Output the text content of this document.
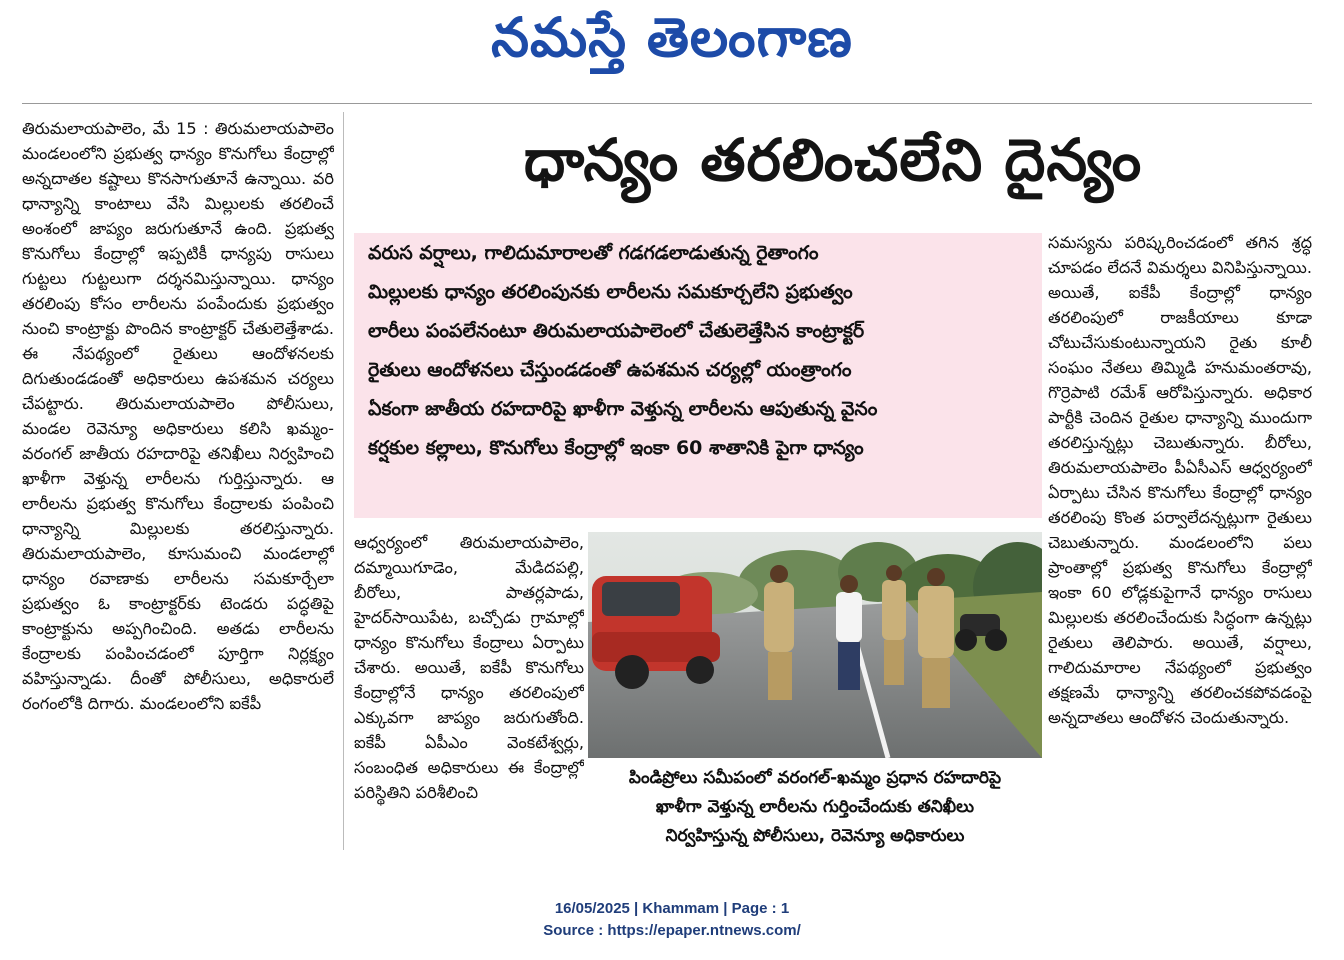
నమస్తే తెలంగాణ

తిరుమలాయపాలెం, మే 15 : తిరుమలాయపాలెం మండలంలోని ప్రభుత్వ ధాన్యం కొనుగోలు కేంద్రాల్లో అన్నదాతల కష్టాలు కొనసాగుతూనే ఉన్నాయి. వరి ధాన్యాన్ని కాంటాలు వేసి మిల్లులకు తరలించే అంశంలో జాప్యం జరుగుతూనే ఉంది. ప్రభుత్వ కొనుగోలు కేంద్రాల్లో ఇప్పటికీ ధాన్యపు రాసులు గుట్టలు గుట్టలుగా దర్శనమిస్తున్నాయి. ధాన్యం తరలింపు కోసం లారీలను పంపేందుకు ప్రభుత్వం నుంచి కాంట్రాక్టు పొందిన కాంట్రాక్టర్ చేతులెత్తేశాడు. ఈ నేపథ్యంలో రైతులు ఆందోళనలకు దిగుతుండడంతో అధికారులు ఉపశమన చర్యలు చేపట్టారు. తిరుమలాయపాలెం పోలీసులు, మండల రెవెన్యూ అధికారులు కలిసి ఖమ్మం-వరంగల్ జాతీయ రహదారిపై తనిఖీలు నిర్వహించి ఖాళీగా వెళ్తున్న లారీలను గుర్తిస్తున్నారు. ఆ లారీలను ప్రభుత్వ కొనుగోలు కేంద్రాలకు పంపించి ధాన్యాన్ని మిల్లులకు తరలిస్తున్నారు. తిరుమలాయపాలెం, కూసుమంచి మండలాల్లో ధాన్యం రవాణాకు లారీలను సమకూర్చేలా ప్రభుత్వం ఓ కాంట్రాక్టర్‌కు టెండరు పద్ధతిపై కాంట్రాక్టును అప్పగించింది. అతడు లారీలను కేంద్రాలకు పంపించడంలో పూర్తిగా నిర్లక్ష్యం వహిస్తున్నాడు. దీంతో పోలీసులు, అధికారులే రంగంలోకి దిగారు. మండలంలోని ఐకేపీ

ధాన్యం తరలించలేని దైన్యం
వరుస వర్షాలు, గాలిదుమారాలతో గడగడలాడుతున్న రైతాంగం
మిల్లులకు ధాన్యం తరలింపునకు లారీలను సమకూర్చలేని ప్రభుత్వం
లారీలు పంపలేనంటూ తిరుమలాయపాలెంలో చేతులెత్తేసిన కాంట్రాక్టర్
రైతులు ఆందోళనలు చేస్తుండడంతో ఉపశమన చర్యల్లో యంత్రాంగం
ఏకంగా జాతీయ రహదారిపై ఖాళీగా వెళ్తున్న లారీలను ఆపుతున్న వైనం
కర్షకుల కల్లాలు, కొనుగోలు కేంద్రాల్లో ఇంకా 60 శాతానికి పైగా ధాన్యం

ఆధ్వర్యంలో తిరుమలాయపాలెం, దమ్మాయిగూడెం, మేడిదపల్లి, బీరోలు, పాతర్లపాడు, హైదర్‌సాయిపేట, బచ్చోడు గ్రామాల్లో ధాన్యం కొనుగోలు కేంద్రాలు ఏర్పాటు చేశారు. అయితే, ఐకేపీ కొనుగోలు కేంద్రాల్లోనే ధాన్యం తరలింపులో ఎక్కువగా జాప్యం జరుగుతోంది. ఐకేపీ ఏపీఎం వెంకటేశ్వర్లు, సంబంధిత అధికారులు ఈ కేంద్రాల్లో పరిస్థితిని పరిశీలించి

పిండిప్రోలు సమీపంలో వరంగల్-ఖమ్మం ప్రధాన రహదారిపై

ఖాళీగా వెళ్తున్న లారీలను గుర్తించేందుకు తనిఖీలు

నిర్వహిస్తున్న పోలీసులు, రెవెన్యూ అధికారులు

సమస్యను పరిష్కరించడంలో తగిన శ్రద్ధ చూపడం లేదనే విమర్శలు వినిపిస్తున్నాయి. అయితే, ఐకేపీ కేంద్రాల్లో ధాన్యం తరలింపులో రాజకీయాలు కూడా చోటుచేసుకుంటున్నాయని రైతు కూలీ సంఘం నేతలు తిమ్మిడి హనుమంతరావు, గొర్రెపాటి రమేశ్ ఆరోపిస్తున్నారు. అధికార పార్టీకి చెందిన రైతుల ధాన్యాన్ని ముందుగా తరలిస్తున్నట్లు చెబుతున్నారు. బీరోలు, తిరుమలాయపాలెం పీఏసీఎస్ ఆధ్వర్యంలో ఏర్పాటు చేసిన కొనుగోలు కేంద్రాల్లో ధాన్యం తరలింపు కొంత పర్వాలేదన్నట్లుగా రైతులు చెబుతున్నారు. మండలంలోని పలు ప్రాంతాల్లో ప్రభుత్వ కొనుగోలు కేంద్రాల్లో ఇంకా 60 లోడ్లకుపైగానే ధాన్యం రాసులు మిల్లులకు తరలించేందుకు సిద్ధంగా ఉన్నట్లు రైతులు తెలిపారు. అయితే, వర్షాలు, గాలిదుమారాల నేపథ్యంలో ప్రభుత్వం తక్షణమే ధాన్యాన్ని తరలించకపోవడంపై అన్నదాతలు ఆందోళన చెందుతున్నారు.

16/05/2025 | Khammam | Page : 1

Source : https://epaper.ntnews.com/
